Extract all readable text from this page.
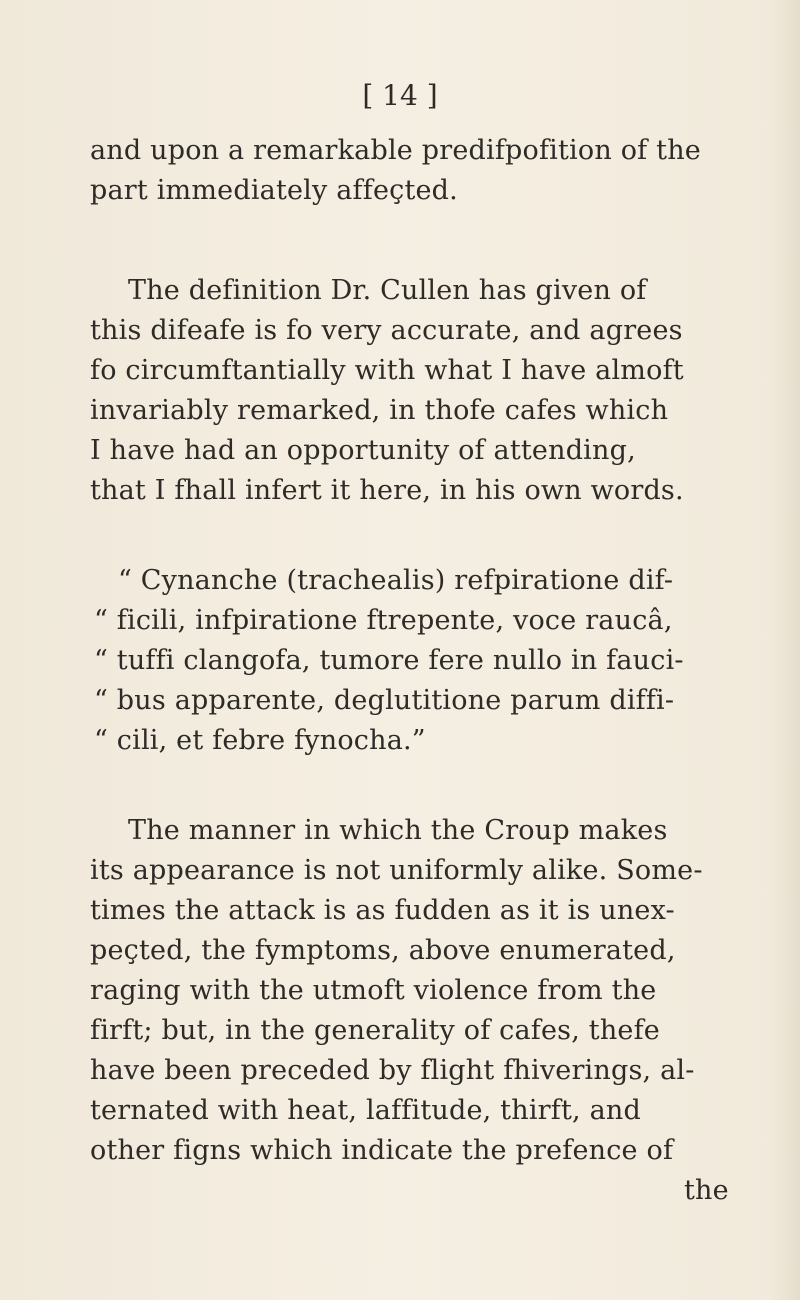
[ 14 ]
and upon a remarkable predifpofition of the
part immediately affeçted.
The definition Dr. Cullen has given of
this difeafe is fo very accurate, and agrees
fo circumftantially with what I have almoft
invariably remarked, in thofe cafes which
I have had an opportunity of attending,
that I fhall infert it here, in his own words.
“ Cynanche (trachealis) refpiratione dif-
“ ficili, infpiratione ftrepente, voce raucâ,
“ tuffi clangofa, tumore fere nullo in fauci-
“ bus apparente, deglutitione parum diffi-
“ cili, et febre fynocha.”
The manner in which the Croup makes
its appearance is not uniformly alike. Some-
times the attack is as fudden as it is unex-
peçted, the fymptoms, above enumerated,
raging with the utmoft violence from the
firft; but, in the generality of cafes, thefe
have been preceded by flight fhiverings, al-
ternated with heat, laffitude, thirft, and
other figns which indicate the prefence of
the
